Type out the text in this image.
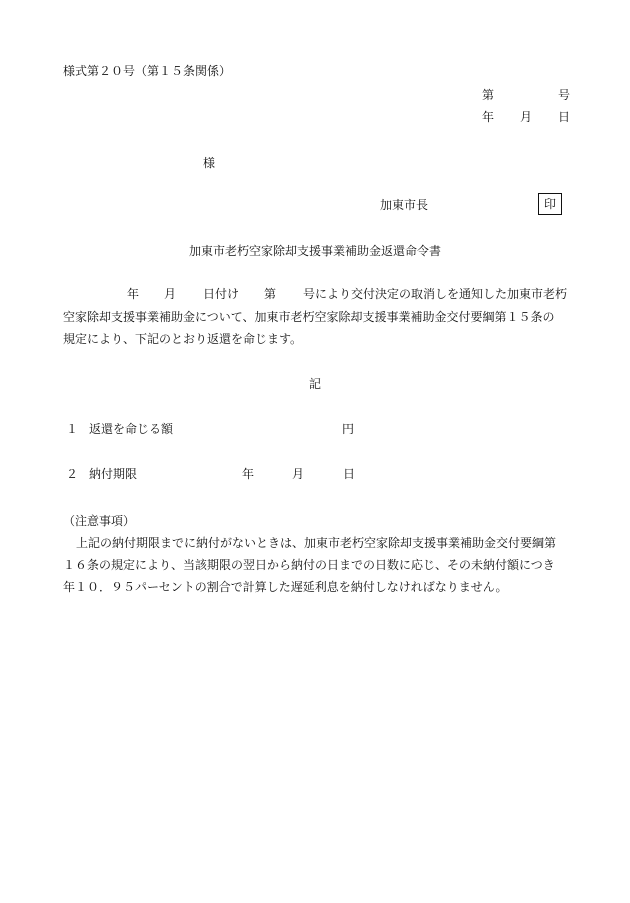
様式第２０号（第１５条関係）
第	号
年 月 日
様
加東市長	印
加東市老朽空家除却支援事業補助金返還命令書
年 月 日付け 第 号により交付決定の取消しを通知した加東市老朽
空家除却支援事業補助金について、加東市老朽空家除却支援事業補助金交付要綱第１５条の
規定により、下記のとおり返還を命じます。
記
１ 返還を命じる額	円
２ 納付期限	年	月	日
（注意事項）
上記の納付期限までに納付がないときは、加東市老朽空家除却支援事業補助金交付要綱第
１６条の規定により、当該期限の翌日から納付の日までの日数に応じ、その未納付額につき
年１０．９５パーセントの割合で計算した遅延利息を納付しなければなりません。
